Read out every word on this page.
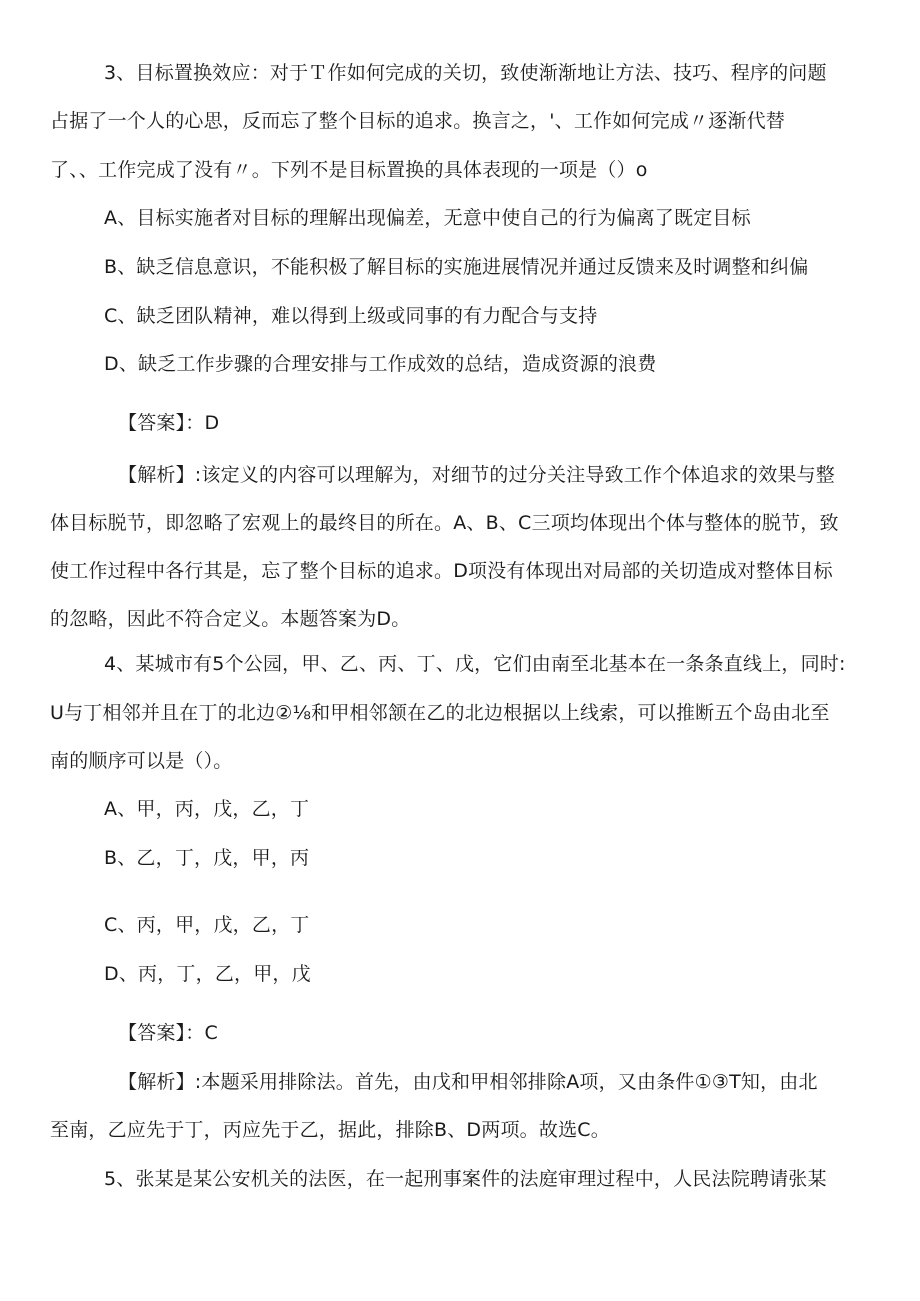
3、目标置换效应：对于Ｔ作如何完成的关切，致使渐渐地让方法、技巧、程序的问题
占据了一个人的心思，反而忘了整个目标的追求。换言之，'、工作如何完成〃逐渐代替
了、、工作完成了没有〃。下列不是目标置换的具体表现的一项是（）o
A、目标实施者对目标的理解出现偏差，无意中使自己的行为偏离了既定目标
B、缺乏信息意识，不能积极了解目标的实施进展情况并通过反馈来及时调整和纠偏
C、缺乏团队精神，难以得到上级或同事的有力配合与支持
D、缺乏工作步骤的合理安排与工作成效的总结，造成资源的浪费
【答案】：D
【解析】:该定义的内容可以理解为，对细节的过分关注导致工作个体追求的效果与整
体目标脱节，即忽略了宏观上的最终目的所在。A、B、C三项均体现出个体与整体的脱节，致
使工作过程中各行其是，忘了整个目标的追求。D项没有体现出对局部的关切造成对整体目标
的忽略，因此不符合定义。本题答案为D。
4、某城市有5个公园，甲、乙、丙、丁、戊，它们由南至北基本在一条条直线上，同时:
U与丁相邻并且在丁的北边②⅛和甲相邻颔在乙的北边根据以上线索，可以推断五个岛由北至
南的顺序可以是（）。
A、甲，丙，戊，乙，丁
B、乙，丁，戊，甲，丙
C、丙，甲，戊，乙，丁
D、丙，丁，乙，甲，戊
【答案】：C
【解析】:本题采用排除法。首先，由戊和甲相邻排除A项，又由条件①③T知，由北
至南，乙应先于丁，丙应先于乙，据此，排除B、D两项。故选C。
5、张某是某公安机关的法医，在一起刑事案件的法庭审理过程中，人民法院聘请张某
